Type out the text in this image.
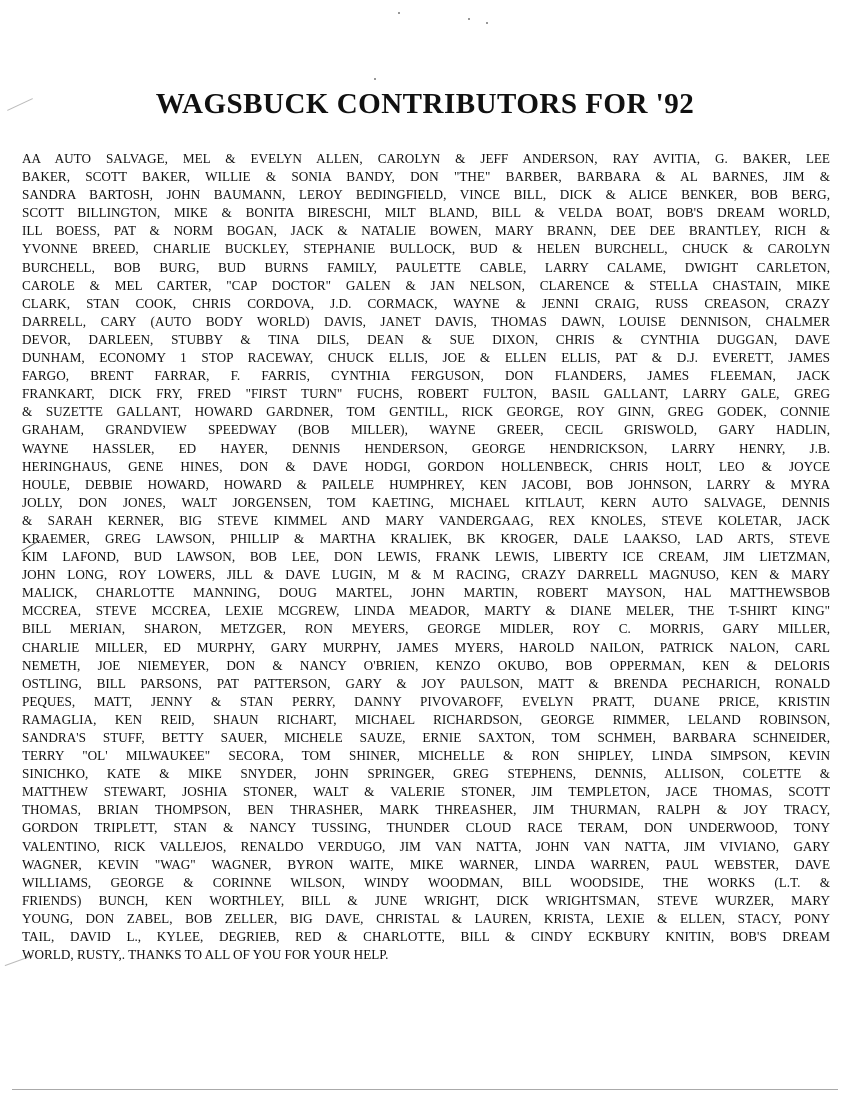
WAGSBUCK CONTRIBUTORS FOR '92
AA AUTO SALVAGE, MEL & EVELYN ALLEN, CAROLYN & JEFF ANDERSON, RAY AVITIA, G. BAKER, LEE
BAKER, SCOTT BAKER, WILLIE & SONIA BANDY, DON "THE" BARBER, BARBARA & AL BARNES, JIM &
SANDRA BARTOSH, JOHN BAUMANN, LEROY BEDINGFIELD, VINCE BILL, DICK & ALICE BENKER, BOB BERG,
SCOTT BILLINGTON, MIKE & BONITA BIRESCHI, MILT BLAND, BILL & VELDA BOAT, BOB'S DREAM WORLD,
ILL BOESS, PAT & NORM BOGAN, JACK & NATALIE BOWEN, MARY BRANN, DEE DEE BRANTLEY, RICH &
YVONNE BREED, CHARLIE BUCKLEY, STEPHANIE BULLOCK, BUD & HELEN BURCHELL, CHUCK & CAROLYN
BURCHELL, BOB BURG, BUD BURNS FAMILY, PAULETTE CABLE, LARRY CALAME, DWIGHT CARLETON,
CAROLE & MEL CARTER, "CAP DOCTOR" GALEN & JAN NELSON, CLARENCE & STELLA CHASTAIN, MIKE
CLARK, STAN COOK, CHRIS CORDOVA, J.D. CORMACK, WAYNE & JENNI CRAIG, RUSS CREASON, CRAZY
DARRELL, CARY (AUTO BODY WORLD) DAVIS, JANET DAVIS, THOMAS DAWN, LOUISE DENNISON, CHALMER
DEVOR, DARLEEN, STUBBY & TINA DILS, DEAN & SUE DIXON, CHRIS & CYNTHIA DUGGAN, DAVE
DUNHAM, ECONOMY 1 STOP RACEWAY, CHUCK ELLIS, JOE & ELLEN ELLIS, PAT & D.J. EVERETT, JAMES
FARGO, BRENT FARRAR, F. FARRIS, CYNTHIA FERGUSON, DON FLANDERS, JAMES FLEEMAN, JACK
FRANKART, DICK FRY, FRED "FIRST TURN" FUCHS, ROBERT FULTON, BASIL GALLANT, LARRY GALE, GREG
& SUZETTE GALLANT, HOWARD GARDNER, TOM GENTILL, RICK GEORGE, ROY GINN, GREG GODEK, CONNIE
GRAHAM, GRANDVIEW SPEEDWAY (BOB MILLER), WAYNE GREER, CECIL GRISWOLD, GARY HADLIN,
WAYNE HASSLER, ED HAYER, DENNIS HENDERSON, GEORGE HENDRICKSON, LARRY HENRY, J.B.
HERINGHAUS, GENE HINES, DON & DAVE HODGI, GORDON HOLLENBECK, CHRIS HOLT, LEO & JOYCE
HOULE, DEBBIE HOWARD, HOWARD & PAILELE HUMPHREY, KEN JACOBI, BOB JOHNSON, LARRY & MYRA
JOLLY, DON JONES, WALT JORGENSEN, TOM KAETING, MICHAEL KITLAUT, KERN AUTO SALVAGE, DENNIS
& SARAH KERNER, BIG STEVE KIMMEL AND MARY VANDERGAAG, REX KNOLES, STEVE KOLETAR, JACK
KRAEMER, GREG LAWSON, PHILLIP & MARTHA KRALIEK, BK KROGER, DALE LAAKSO, LAD ARTS, STEVE
KIM LAFOND, BUD LAWSON, BOB LEE, DON LEWIS, FRANK LEWIS, LIBERTY ICE CREAM, JIM LIETZMAN,
JOHN LONG, ROY LOWERS, JILL & DAVE LUGIN, M & M RACING, CRAZY DARRELL MAGNUSO, KEN & MARY
MALICK, CHARLOTTE MANNING, DOUG MARTEL, JOHN MARTIN, ROBERT MAYSON, HAL MATTHEWSBOB
MCCREA, STEVE MCCREA, LEXIE MCGREW, LINDA MEADOR, MARTY & DIANE MELER, THE T-SHIRT KING"
BILL MERIAN, SHARON, METZGER, RON MEYERS, GEORGE MIDLER, ROY C. MORRIS, GARY MILLER,
CHARLIE MILLER, ED MURPHY, GARY MURPHY, JAMES MYERS, HAROLD NAILON, PATRICK NALON, CARL
NEMETH, JOE NIEMEYER, DON & NANCY O'BRIEN, KENZO OKUBO, BOB OPPERMAN, KEN & DELORIS
OSTLING, BILL PARSONS, PAT PATTERSON, GARY & JOY PAULSON, MATT & BRENDA PECHARICH, RONALD
PEQUES, MATT, JENNY & STAN PERRY, DANNY PIVOVAROFF, EVELYN PRATT, DUANE PRICE, KRISTIN
RAMAGLIA, KEN REID, SHAUN RICHART, MICHAEL RICHARDSON, GEORGE RIMMER, LELAND ROBINSON,
SANDRA'S STUFF, BETTY SAUER, MICHELE SAUZE, ERNIE SAXTON, TOM SCHMEH, BARBARA SCHNEIDER,
TERRY "OL' MILWAUKEE" SECORA, TOM SHINER, MICHELLE & RON SHIPLEY, LINDA SIMPSON, KEVIN
SINICHKO, KATE & MIKE SNYDER, JOHN SPRINGER, GREG STEPHENS, DENNIS, ALLISON, COLETTE &
MATTHEW STEWART, JOSHIA STONER, WALT & VALERIE STONER, JIM TEMPLETON, JACE THOMAS, SCOTT
THOMAS, BRIAN THOMPSON, BEN THRASHER, MARK THREASHER, JIM THURMAN, RALPH & JOY TRACY,
GORDON TRIPLETT, STAN & NANCY TUSSING, THUNDER CLOUD RACE TERAM, DON UNDERWOOD, TONY
VALENTINO, RICK VALLEJOS, RENALDO VERDUGO, JIM VAN NATTA, JOHN VAN NATTA, JIM VIVIANO, GARY
WAGNER, KEVIN "WAG" WAGNER, BYRON WAITE, MIKE WARNER, LINDA WARREN, PAUL WEBSTER, DAVE
WILLIAMS, GEORGE & CORINNE WILSON, WINDY WOODMAN, BILL WOODSIDE, THE WORKS (L.T. &
FRIENDS) BUNCH, KEN WORTHLEY, BILL & JUNE WRIGHT, DICK WRIGHTSMAN, STEVE WURZER, MARY
YOUNG, DON ZABEL, BOB ZELLER, BIG DAVE, CHRISTAL & LAUREN, KRISTA, LEXIE & ELLEN, STACY, PONY
TAIL, DAVID L., KYLEE, DEGRIEB, RED & CHARLOTTE, BILL & CINDY ECKBURY KNITIN, BOB'S DREAM
WORLD, RUSTY,. THANKS TO ALL OF YOU FOR YOUR HELP.
